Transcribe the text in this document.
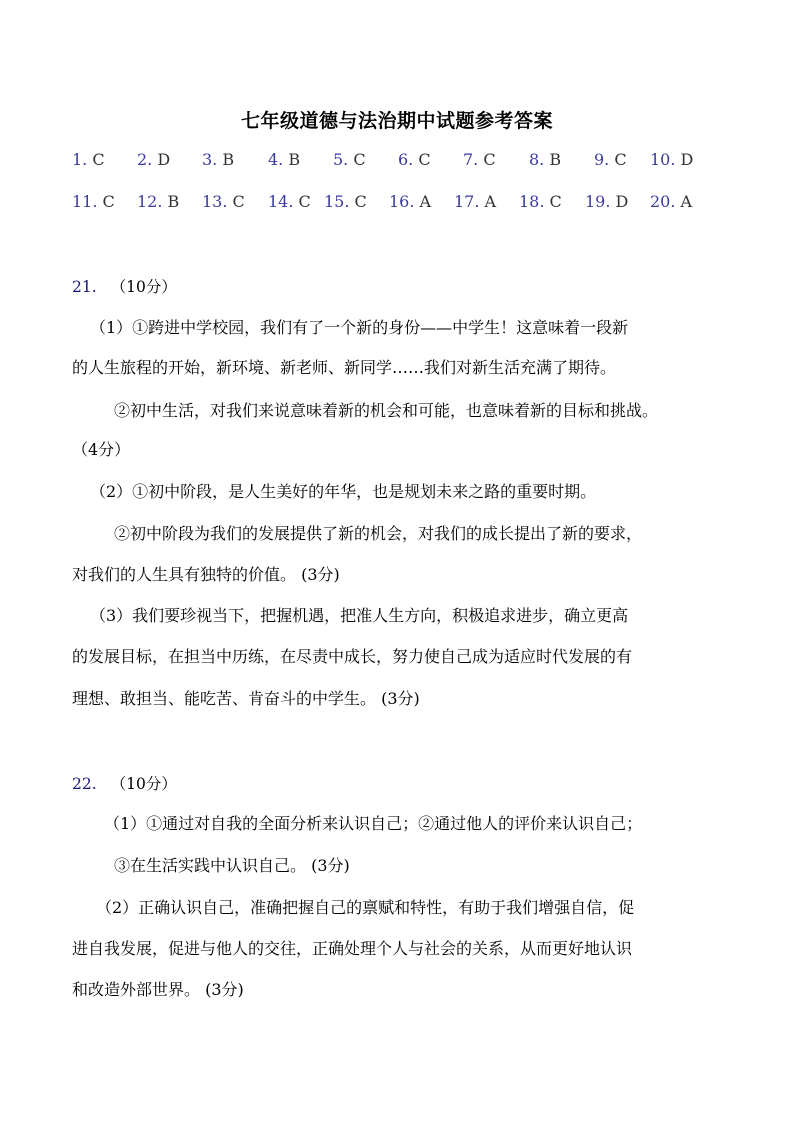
七年级道德与法治期中试题参考答案
1. C 2. D 3. B 4. B 5. C 6. C 7. C 8. B 9. C 10. D
11. C 12. B 13. C 14. C 15. C 16. A 17. A 18. C 19. D 20. A
21. （10分）
（1）①跨进中学校园，我们有了一个新的身份——中学生！这意味着一段新
的人生旅程的开始，新环境、新老师、新同学……我们对新生活充满了期待。
②初中生活，对我们来说意味着新的机会和可能，也意味着新的目标和挑战。
（4分）
（2）①初中阶段，是人生美好的年华，也是规划未来之路的重要时期。
②初中阶段为我们的发展提供了新的机会，对我们的成长提出了新的要求，
对我们的人生具有独特的价值。 (3分)
（3）我们要珍视当下，把握机遇，把准人生方向，积极追求进步，确立更高
的发展目标，在担当中历练，在尽责中成长，努力使自己成为适应时代发展的有
理想、敢担当、能吃苦、肯奋斗的中学生。 (3分)
22. （10分）
（1）①通过对自我的全面分析来认识自己；②通过他人的评价来认识自己；
③在生活实践中认识自己。 (3分)
（2）正确认识自己，准确把握自己的禀赋和特性，有助于我们增强自信，促
进自我发展，促进与他人的交往，正确处理个人与社会的关系，从而更好地认识
和改造外部世界。 (3分)
